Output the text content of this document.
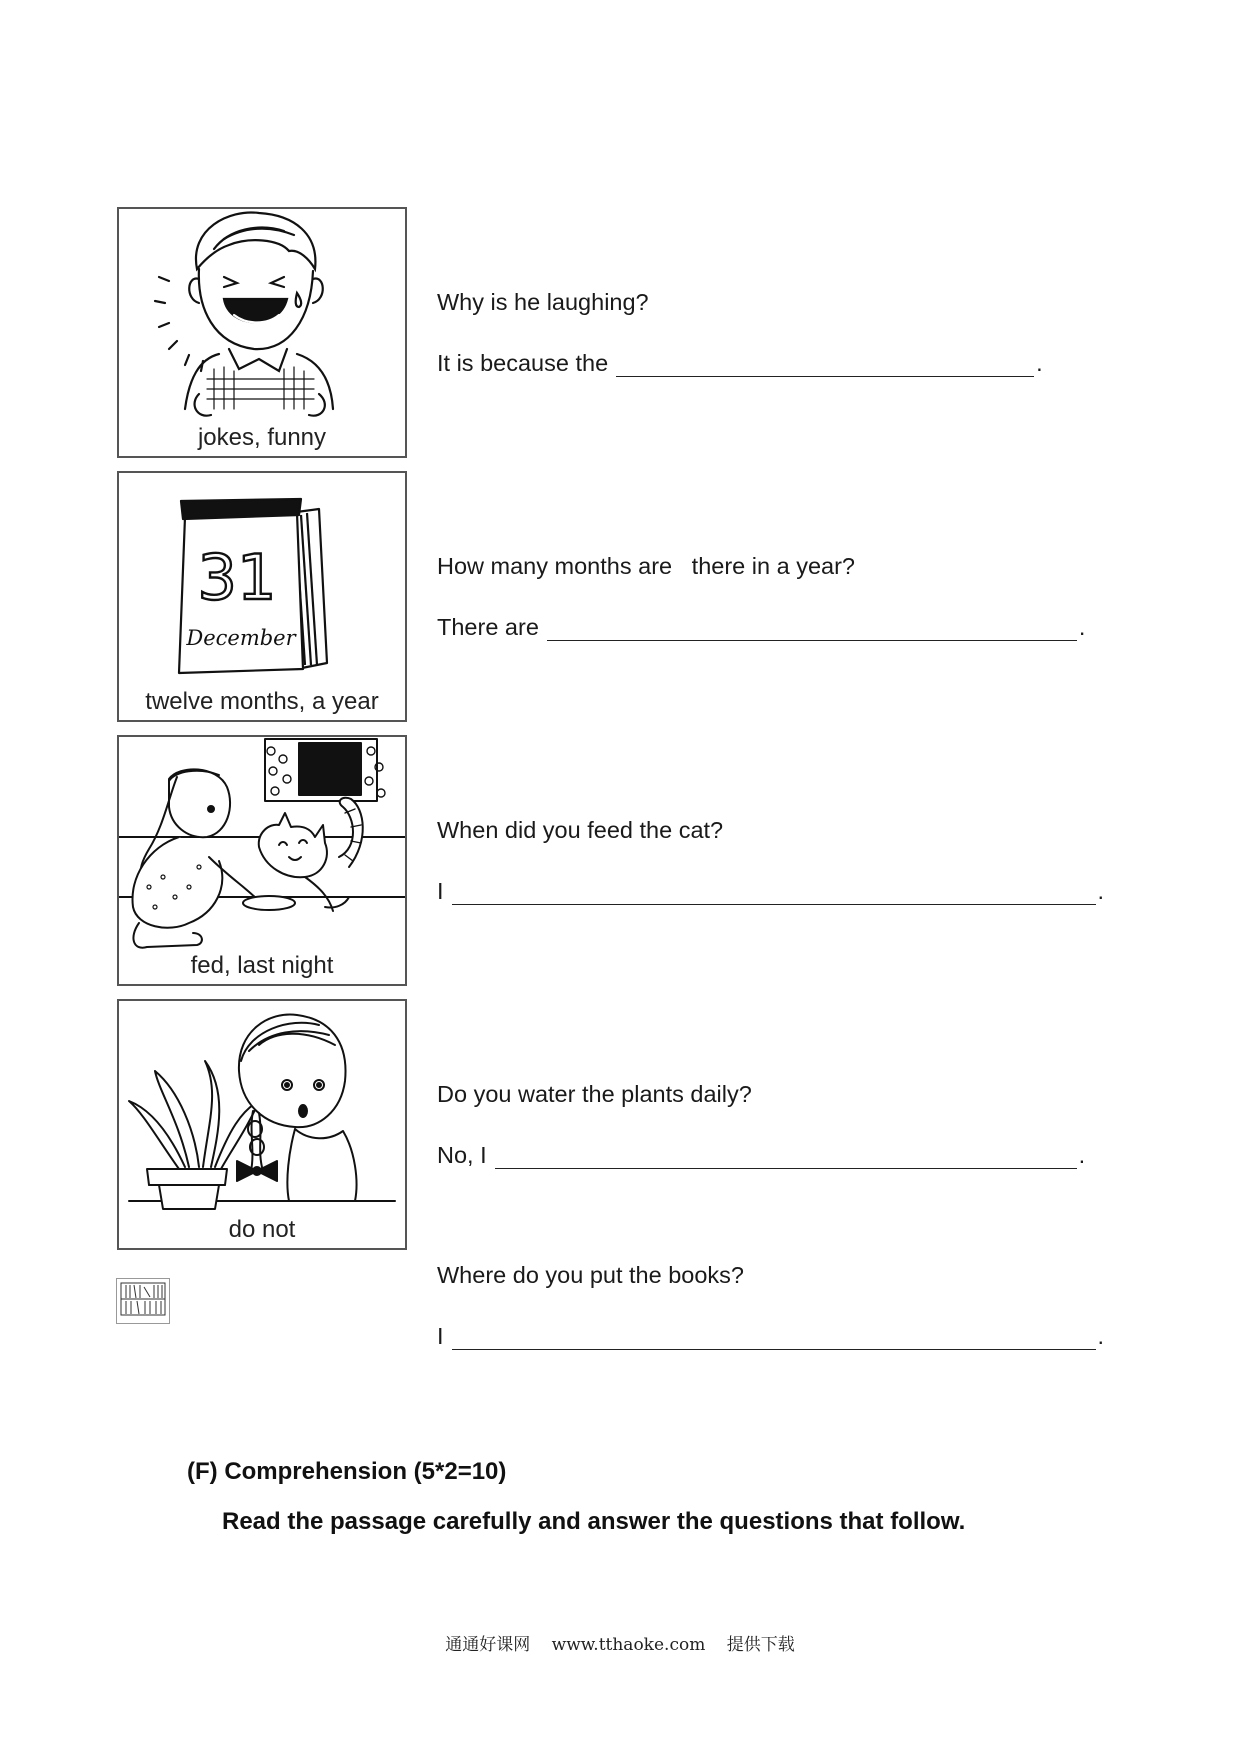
jokes, funny
Why is he laughing?
It is because the	.
31
December
twelve months, a year
How many months are   there in a year?
There are	.
fed, last night
When did you feed the cat?
I	.
do not
Do you water the plants daily?
No, I	.
Where do you put the books?
I	.
(F) Comprehension (5*2=10)
Read the passage carefully and answer the questions that follow.
通通好课网 www.tthaoke.com 提供下载
